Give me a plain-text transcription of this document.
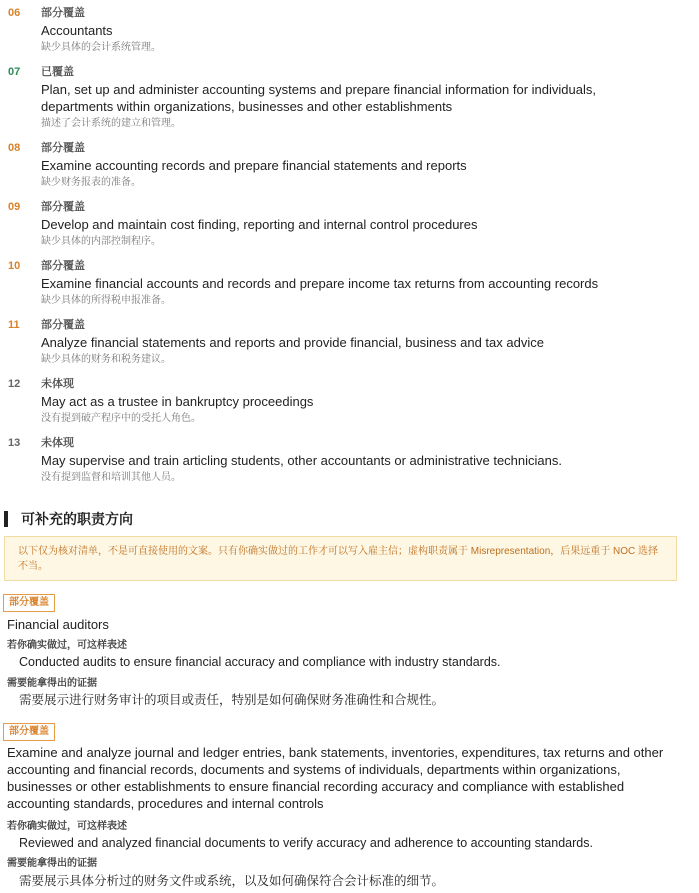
06 部分覆盖
Accountants
缺少具体的会计系统管理。
07 已覆盖
Plan, set up and administer accounting systems and prepare financial information for individuals, departments within organizations, businesses and other establishments
描述了会计系统的建立和管理。
08 部分覆盖
Examine accounting records and prepare financial statements and reports
缺少财务报表的准备。
09 部分覆盖
Develop and maintain cost finding, reporting and internal control procedures
缺少具体的内部控制程序。
10 部分覆盖
Examine financial accounts and records and prepare income tax returns from accounting records
缺少具体的所得税申报准备。
11 部分覆盖
Analyze financial statements and reports and provide financial, business and tax advice
缺少具体的财务和税务建议。
12 未体现
May act as a trustee in bankruptcy proceedings
没有提到破产程序中的受托人角色。
13 未体现
May supervise and train articling students, other accountants or administrative technicians.
没有提到监督和培训其他人员。
可补充的职责方向
以下仅为核对清单，不是可直接使用的文案。只有你确实做过的工作才可以写入雇主信；虚构职责属于 Misrepresentation，后果远重于 NOC 选择不当。
部分覆盖
Financial auditors
若你确实做过，可这样表述
Conducted audits to ensure financial accuracy and compliance with industry standards.
需要能拿得出的证据
需要展示进行财务审计的项目或责任，特别是如何确保财务准确性和合规性。
部分覆盖
Examine and analyze journal and ledger entries, bank statements, inventories, expenditures, tax returns and other accounting and financial records, documents and systems of individuals, departments within organizations, businesses or other establishments to ensure financial recording accuracy and compliance with established accounting standards, procedures and internal controls
若你确实做过，可这样表述
Reviewed and analyzed financial documents to verify accuracy and adherence to accounting standards.
需要能拿得出的证据
需要展示具体分析过的财务文件或系统，以及如何确保符合会计标准的细节。
